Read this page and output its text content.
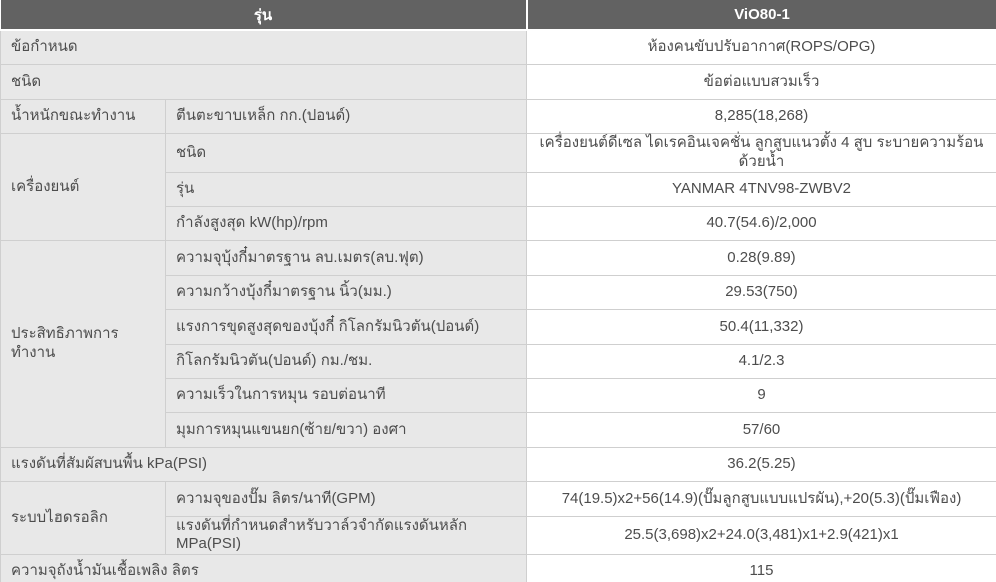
รุ่น		ViO80-1
ข้อกำหนด		ห้องคนขับปรับอากาศ(ROPS/OPG)
ชนิด		ข้อต่อแบบสวมเร็ว
น้ำหนักขณะทำงาน	ตีนตะขาบเหล็ก กก.(ปอนด์)	8,285(18,268)
เครื่องยนต์	ชนิด	เครื่องยนต์ดีเซล ไดเรคอินเจคชั่น ลูกสูบแนวตั้ง 4 สูบ ระบายความร้อนด้วยน้ำ
	รุ่น	YANMAR 4TNV98-ZWBV2
	กำลังสูงสุด kW(hp)/rpm	40.7(54.6)/2,000
ประสิทธิภาพการทำงาน	ความจุบุ้งกี๋มาตรฐาน ลบ.เมตร(ลบ.ฟุต)	0.28(9.89)
	ความกว้างบุ้งกี๋มาตรฐาน นิ้ว(มม.)	29.53(750)
	แรงการขุดสูงสุดของบุ้งกี๋ กิโลกรัมนิวตัน(ปอนด์)	50.4(11,332)
	กิโลกรัมนิวตัน(ปอนด์) กม./ชม.	4.1/2.3
	ความเร็วในการหมุน รอบต่อนาที	9
	มุมการหมุนแขนยก(ซ้าย/ขวา) องศา	57/60
แรงดันที่สัมผัสบนพื้น kPa(PSI)		36.2(5.25)
ระบบไฮดรอลิก	ความจุของปั๊ม ลิตร/นาที(GPM)	74(19.5)x2+56(14.9)(ปั๊มลูกสูบแบบแปรผัน),+20(5.3)(ปั๊มเฟือง)
	แรงดันที่กำหนดสำหรับวาล์วจำกัดแรงดันหลัก MPa(PSI)	25.5(3,698)x2+24.0(3,481)x1+2.9(421)x1
ความจุถังน้ำมันเชื้อเพลิง ลิตร		115
